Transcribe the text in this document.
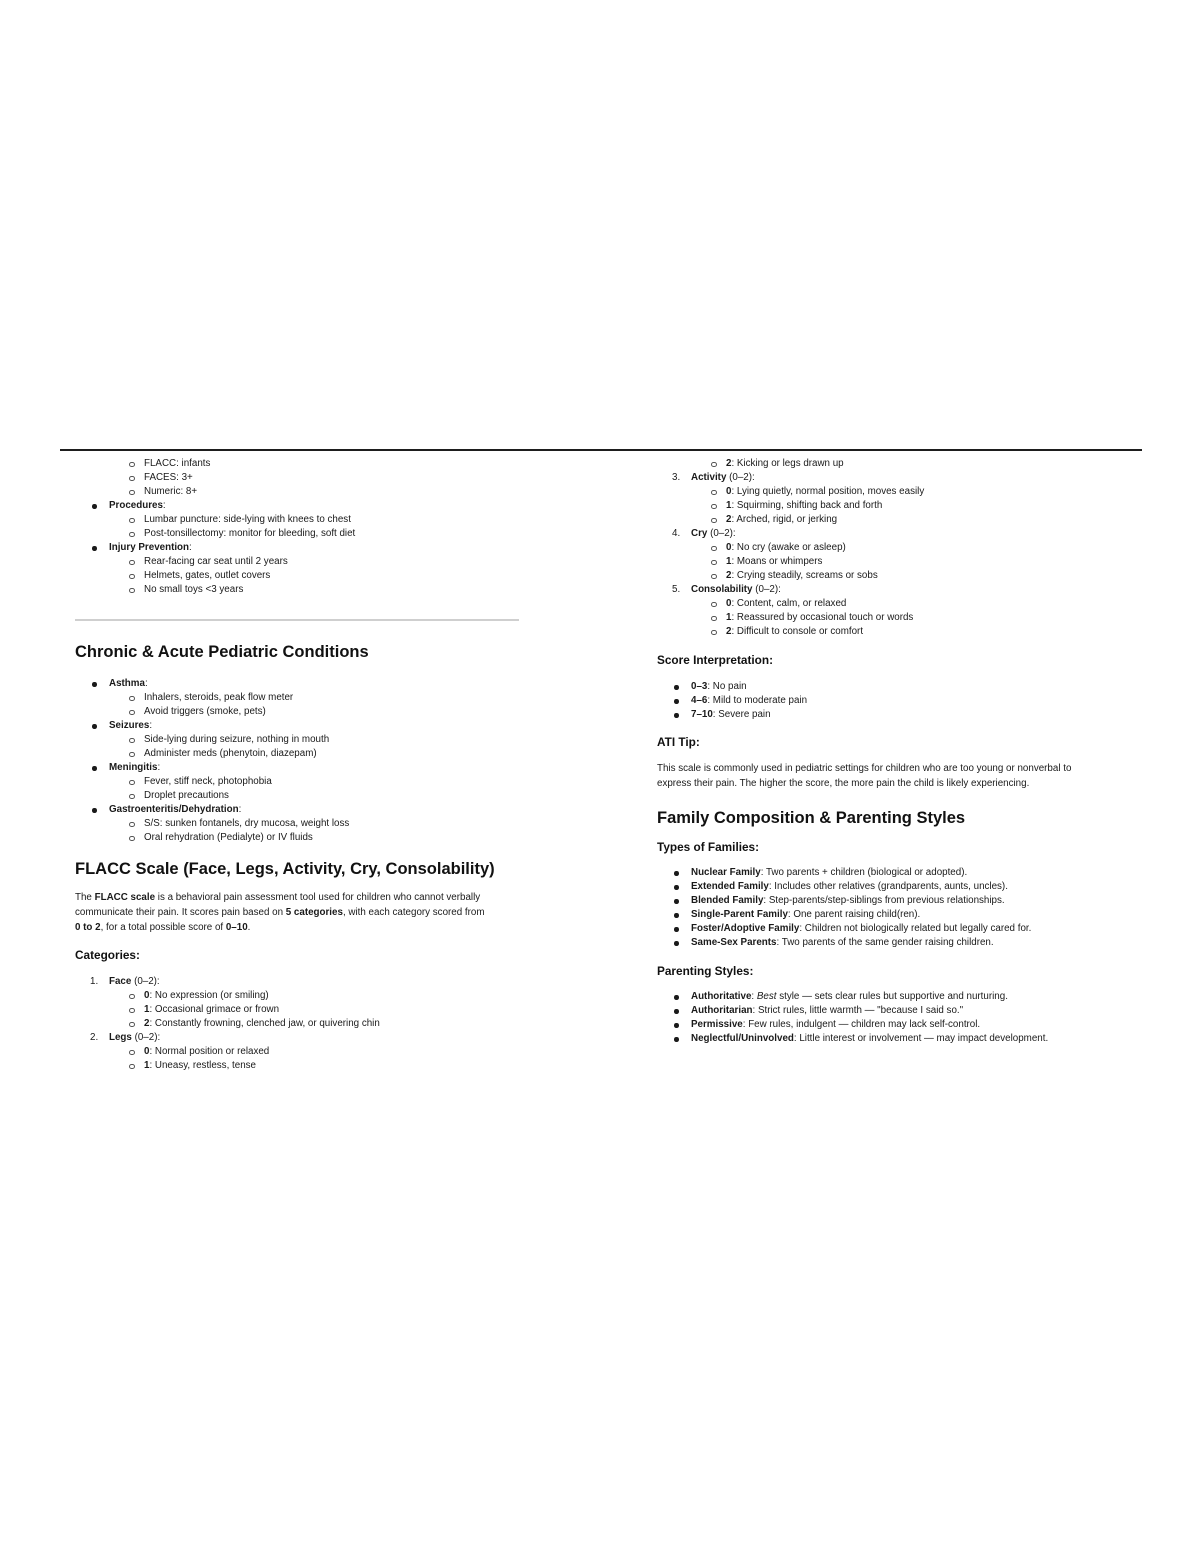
FLACC: infants
FACES: 3+
Numeric: 8+
Procedures:
Lumbar puncture: side-lying with knees to chest
Post-tonsillectomy: monitor for bleeding, soft diet
Injury Prevention:
Rear-facing car seat until 2 years
Helmets, gates, outlet covers
No small toys <3 years
Chronic & Acute Pediatric Conditions
Asthma:
Inhalers, steroids, peak flow meter
Avoid triggers (smoke, pets)
Seizures:
Side-lying during seizure, nothing in mouth
Administer meds (phenytoin, diazepam)
Meningitis:
Fever, stiff neck, photophobia
Droplet precautions
Gastroenteritis/Dehydration:
S/S: sunken fontanels, dry mucosa, weight loss
Oral rehydration (Pedialyte) or IV fluids
FLACC Scale (Face, Legs, Activity, Cry, Consolability)

The FLACC scale is a behavioral pain assessment tool used for children who cannot verbally
communicate their pain. It scores pain based on 5 categories, with each category scored from
0 to 2, for a total possible score of 0–10.

Categories:
1. Face (0–2):
0: No expression (or smiling)
1: Occasional grimace or frown
2: Constantly frowning, clenched jaw, or quivering chin
2. Legs (0–2):
0: Normal position or relaxed
1: Uneasy, restless, tense
2: Kicking or legs drawn up
3. Activity (0–2):
0: Lying quietly, normal position, moves easily
1: Squirming, shifting back and forth
2: Arched, rigid, or jerking
4. Cry (0–2):
0: No cry (awake or asleep)
1: Moans or whimpers
2: Crying steadily, screams or sobs
5. Consolability (0–2):
0: Content, calm, or relaxed
1: Reassured by occasional touch or words
2: Difficult to console or comfort
Score Interpretation:
0–3: No pain
4–6: Mild to moderate pain
7–10: Severe pain
ATI Tip:

This scale is commonly used in pediatric settings for children who are too young or nonverbal to
express their pain. The higher the score, the more pain the child is likely experiencing.

Family Composition & Parenting Styles
Types of Families:
Nuclear Family: Two parents + children (biological or adopted).
Extended Family: Includes other relatives (grandparents, aunts, uncles).
Blended Family: Step-parents/step-siblings from previous relationships.
Single-Parent Family: One parent raising child(ren).
Foster/Adoptive Family: Children not biologically related but legally cared for.
Same-Sex Parents: Two parents of the same gender raising children.
Parenting Styles:
Authoritative: Best style — sets clear rules but supportive and nurturing.
Authoritarian: Strict rules, little warmth — "because I said so."
Permissive: Few rules, indulgent — children may lack self-control.
Neglectful/Uninvolved: Little interest or involvement — may impact development.
